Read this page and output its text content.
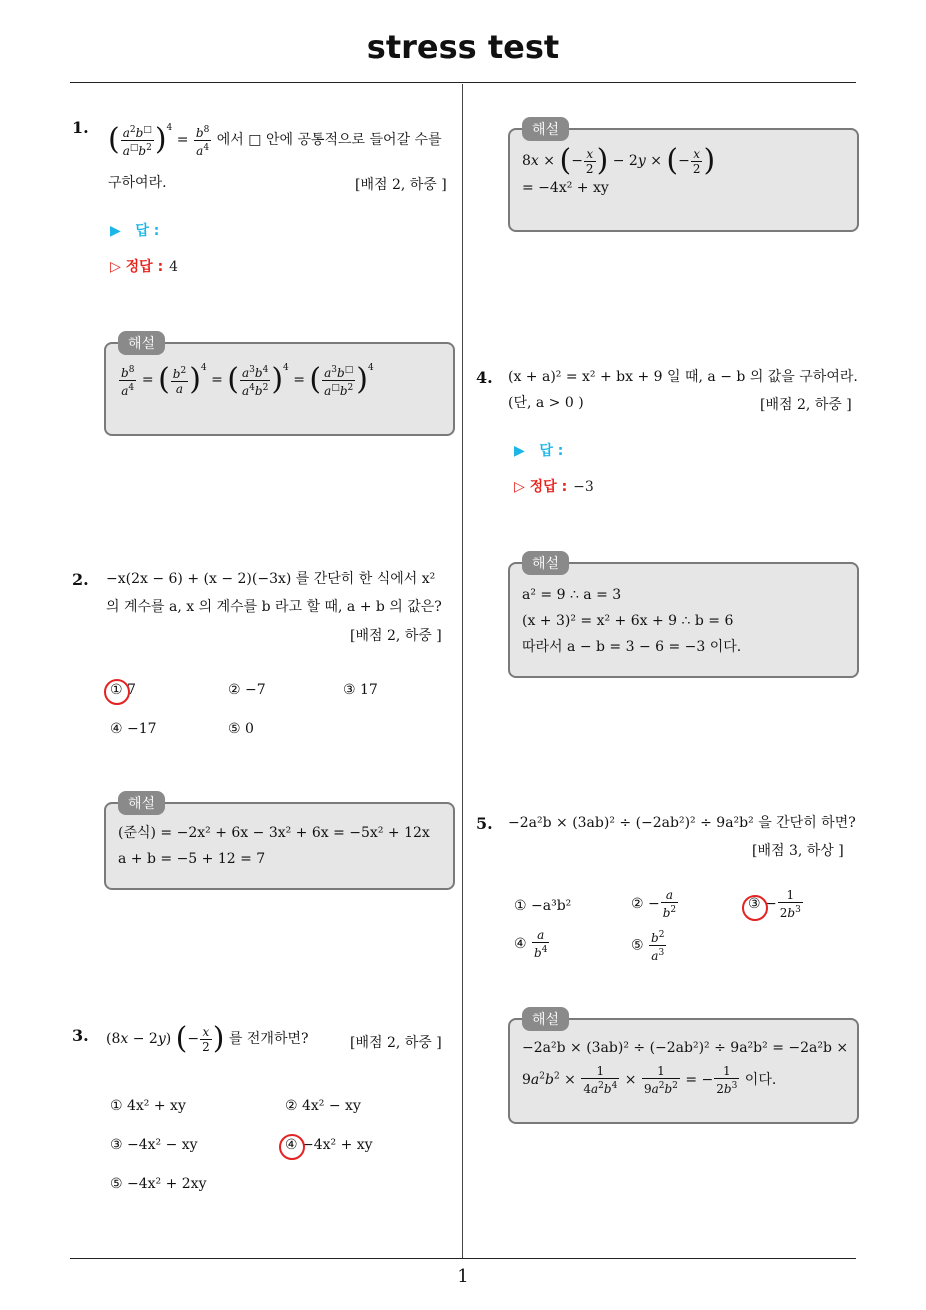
stress test
1
1. ( $\frac{a^2b^□}{a^□b^2} )^4 = \frac{b^8}{a^4}$ 에서 □ 안에 공통적으로 들어갈 수를
구하여라.	[배점 2, 하중 ]
▶   답 :
▷ 정답 : 4
해설
$\frac{b^8}{a^4}$ = ( $\frac{b^2}{a} )^4$ = ( $\frac{a^3b^4}{a^4b^2} )^4$ = ( $\frac{a^3b^□}{a^□b^2} )^4$
2. −x(2x − 6) + (x − 2)(−3x) 를 간단히 한 식에서 x²
의 계수를 a, x 의 계수를 b 라고 할 때, a + b 의 값은?
[배점 2, 하중 ]
① 7	② −7	③ 17
④ −17	⑤ 0
해설
(준식) = −2x² + 6x − 3x² + 6x = −5x² + 12x
a + b = −5 + 12 = 7
3. (8x − 2y) (− $\frac{x}{2}$ ) 를 전개하면?	[배점 2, 하중 ]
① 4x² + xy	② 4x² − xy
③ −4x² − xy	④ −4x² + xy
⑤ −4x² + 2xy
해설
8x × (− $\frac{x}{2}$ ) − 2y × (− $\frac{x}{2}$ )
= −4x² + xy
4. (x + a)² = x² + bx + 9 일 때, a − b 의 값을 구하여라.
(단, a > 0 )	[배점 2, 하중 ]
▶   답 :
▷ 정답 : −3
해설
a² = 9 ∴ a = 3
(x + 3)² = x² + 6x + 9 ∴ b = 6
따라서 a − b = 3 − 6 = −3 이다.
5. −2a²b × (3ab)² ÷ (−2ab²)² ÷ 9a²b² 을 간단히 하면?
[배점 3, 하상 ]
① −a³b²	② − $\frac{a}{b^2}$	③ − $\frac{1}{2b^3}$
④ $\frac{a}{b^4}$	⑤ $\frac{b^2}{a^3}$
해설
−2a²b × (3ab)² ÷ (−2ab²)² ÷ 9a²b² = −2a²b ×
$9a^2b^2 \times \frac{1}{4a^2b^4} \times \frac{1}{9a^2b^2}$ = − $\frac{1}{2b^3}$ 이다.
